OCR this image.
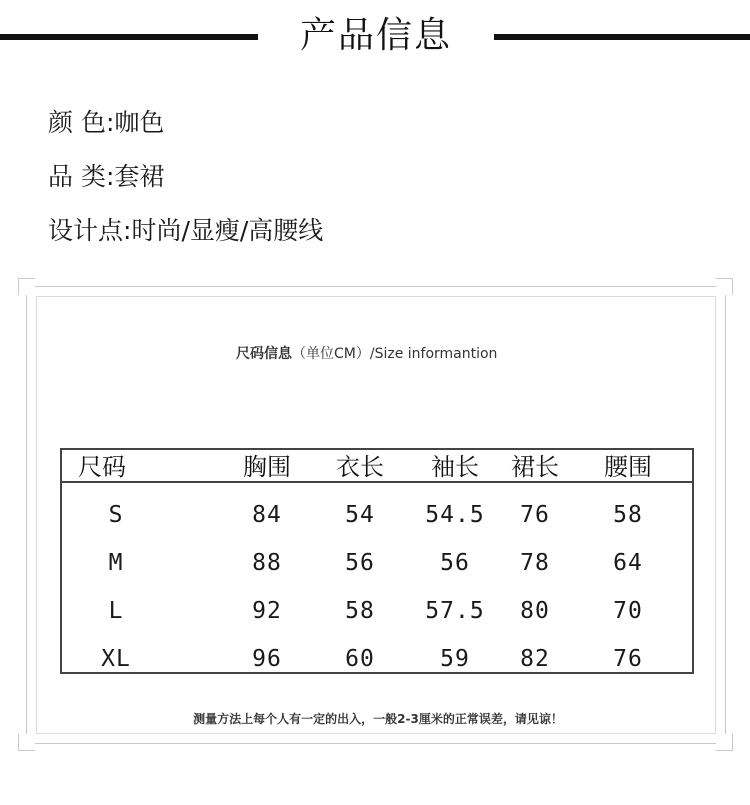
产品信息
颜 色:咖色
品 类:套裙
设计点:时尚/显瘦/高腰线
尺码信息（单位CM）/Size informantion
尺码	胸围	衣长	袖长	裙长	腰围
S	84	54	54.5	76	58
M	88	56	56	78	64
L	92	58	57.5	80	70
XL	96	60	59	82	76
测量方法上每个人有一定的出入，一般2-3厘米的正常误差，请见谅！
